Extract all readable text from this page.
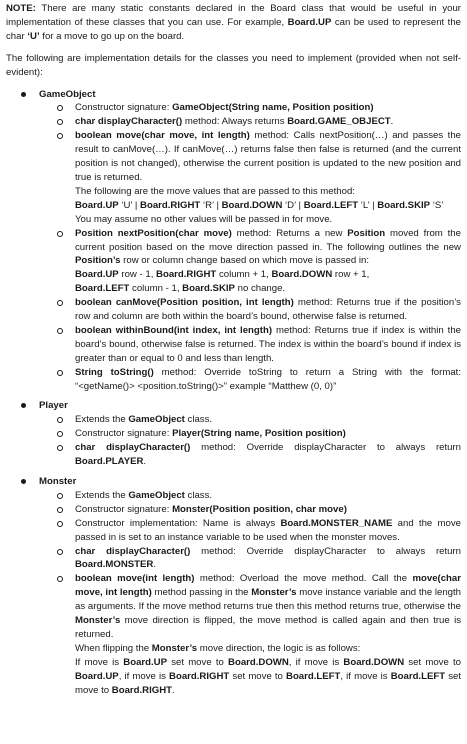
NOTE: There are many static constants declared in the Board class that would be useful in your implementation of these classes that you can use. For example, Board.UP can be used to represent the char ‘U’ for a move to go up on the board.

The following are implementation details for the classes you need to implement (provided when not self-evident):

GameObject
Constructor signature: GameObject(String name, Position position)
char displayCharacter() method: Always returns Board.GAME_OBJECT.
boolean move(char move, int length) method: Calls nextPosition(…) and passes the result to canMove(…). If canMove(…) returns false then false is returned (and the current position is not changed), otherwise the current position is updated to the new position and true is returned.
The following are the move values that are passed to this method:
Board.UP ‘U’ | Board.RIGHT ‘R’ | Board.DOWN ‘D’ | Board.LEFT ‘L’ | Board.SKIP ‘S’
You may assume no other values will be passed in for move.
Position nextPosition(char move) method: Returns a new Position moved from the current position based on the move direction passed in. The following outlines the new Position’s row or column change based on which move is passed in:
Board.UP row - 1, Board.RIGHT column + 1, Board.DOWN row + 1,
Board.LEFT column - 1, Board.SKIP no change.
boolean canMove(Position position, int length) method: Returns true if the position’s row and column are both within the board’s bound, otherwise false is returned.
boolean withinBound(int index, int length) method: Returns true if index is within the board’s bound, otherwise false is returned. The index is within the board’s bound if index is greater than or equal to 0 and less than length.
String toString() method: Override toString to return a String with the format: “<getName()> <position.toString()>” example “Matthew (0, 0)”
Player
Extends the GameObject class.
Constructor signature: Player(String name, Position position)
char displayCharacter() method: Override displayCharacter to always return Board.PLAYER.
Monster
Extends the GameObject class.
Constructor signature: Monster(Position position, char move)
Constructor implementation: Name is always Board.MONSTER_NAME and the move passed in is set to an instance variable to be used when the monster moves.
char displayCharacter() method: Override displayCharacter to always return Board.MONSTER.
boolean move(int length) method: Overload the move method. Call the move(char move, int length) method passing in the Monster’s move instance variable and the length as arguments. If the move method returns true then this method returns true, otherwise the Monster’s move direction is flipped, the move method is called again and then true is returned.
When flipping the Monster’s move direction, the logic is as follows:
If move is Board.UP set move to Board.DOWN, if move is Board.DOWN set move to Board.UP, if move is Board.RIGHT set move to Board.LEFT, if move is Board.LEFT set move to Board.RIGHT.
